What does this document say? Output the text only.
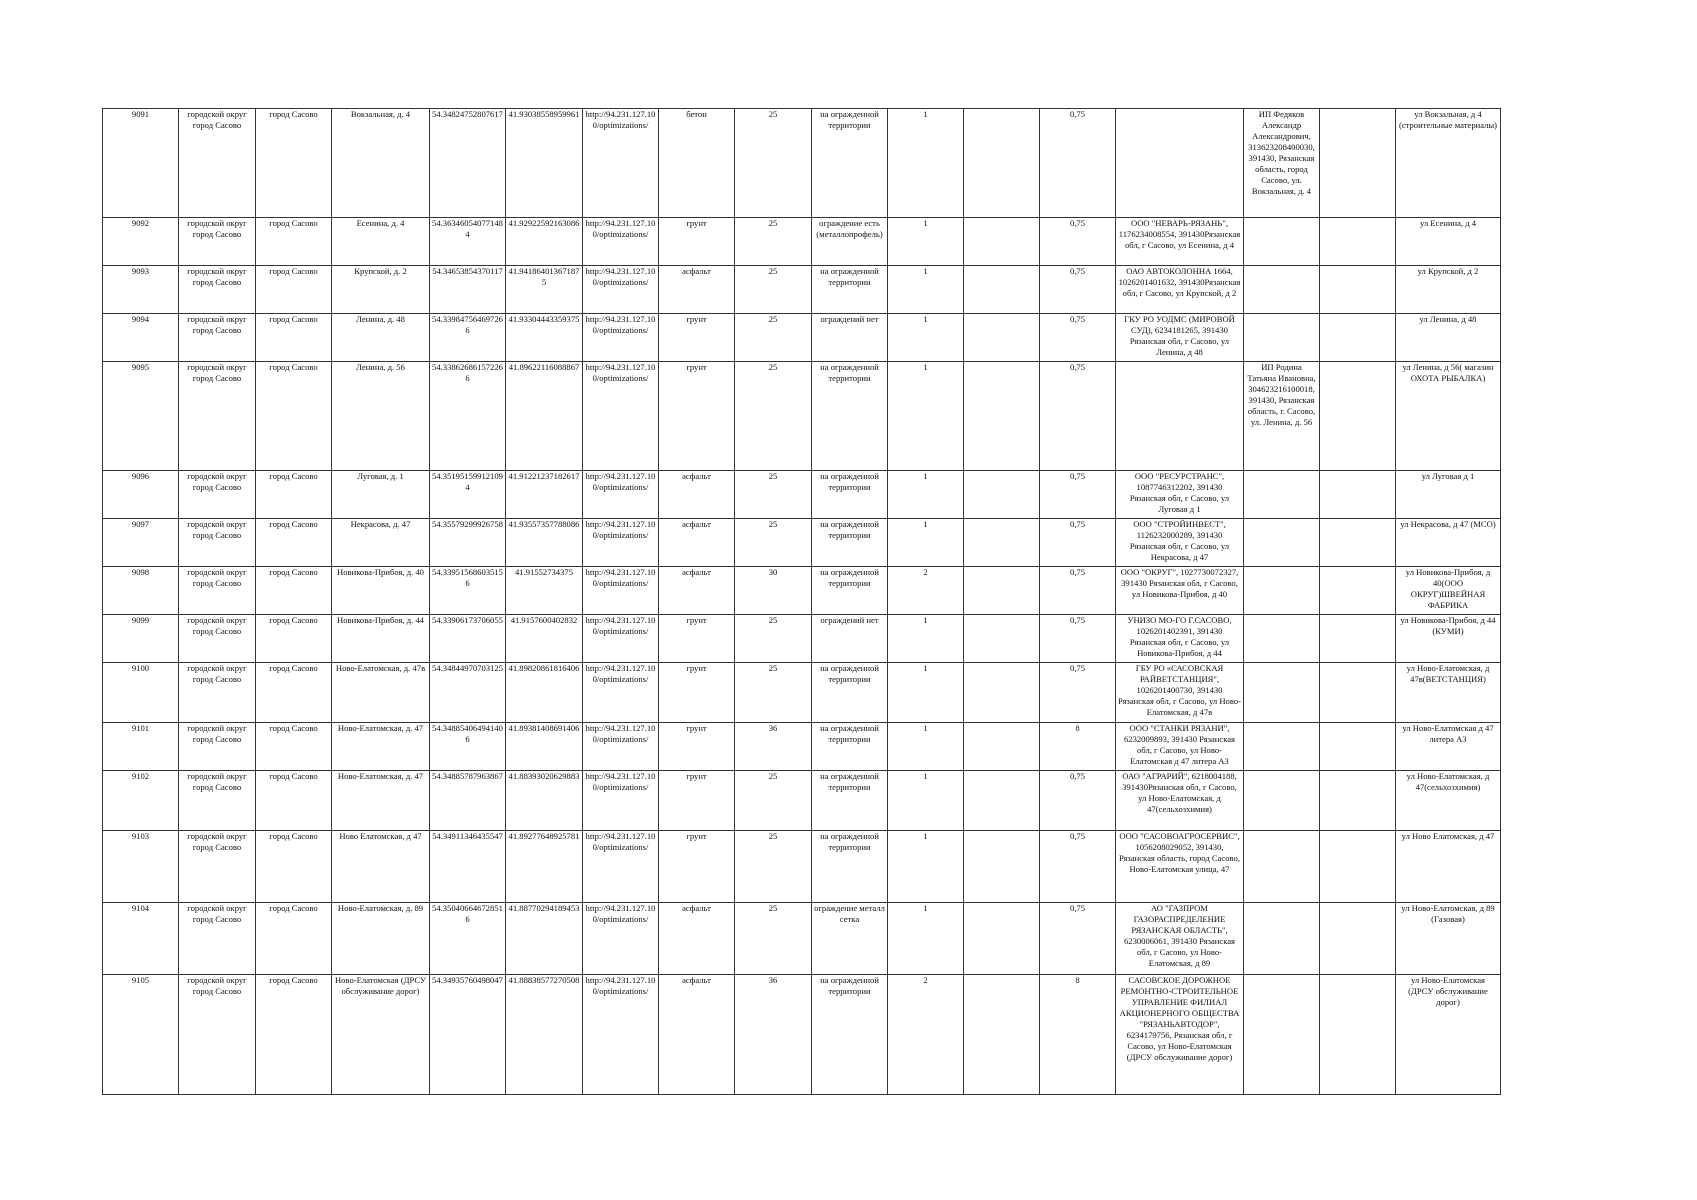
9091	городской округ город Сасово	город Сасово	Вокзальная, д. 4	54.34824752807617	41.93038558959961	http://94.231.127.100/optimizations/	бетон	25	на огражденной территории	1		0,75		ИП Федяков Александр Александрович, 313623208400030, 391430, Рязанская область, город Сасово, ул. Вокзальная, д. 4		ул Вокзальная, д 4 (строительные материалы)
9092	городской округ город Сасово	город Сасово	Есенина, д. 4	54.36346054077148 4	41.92922592163086	http://94.231.127.100/optimizations/	грунт	25	ограждение есть (металлопрофель)	1		0,75	ООО "НЕВАРЬ-РЯЗАНЬ", 1176234008554, 391430Рязанская обл, г Сасово, ул Есенина, д 4			ул Есенина, д 4
9093	городской округ город Сасово	город Сасово	Крупской, д. 2	54.34653854370117	41.94186401367187 5	http://94.231.127.100/optimizations/	асфальт	25	на огражденной территории	1		0,75	ОАО АВТОКОЛОННА 1664, 1026201401632, 391430Рязанская обл, г Сасово, ул Крупской, д 2			ул Крупской, д 2
9094	городской округ город Сасово	город Сасово	Ленина, д. 48	54.33984756469726 6	41.93304443359375	http://94.231.127.100/optimizations/	грунт	25	ограждений нет	1		0,75	ГКУ РО УОДМС (МИРОВОЙ СУД), 6234181265, 391430 Рязанская обл, г Сасово, ул Ленина, д 48			ул Ленина, д 48
9095	городской округ город Сасово	город Сасово	Ленина, д. 56	54.33862686157226 6	41.89622116088867	http://94.231.127.100/optimizations/	грунт	25	на огражденной территории	1		0,75		ИП Родина Татьяна Ивановна, 304623216100018, 391430, Рязанская область, г. Сасово, ул. Ленина, д. 56		ул Ленина, д 56( магазин ОХОТА РЫБАЛКА)
9096	городской округ город Сасово	город Сасово	Луговая, д. 1	54.35195159912109 4	41.91221237182617	http://94.231.127.100/optimizations/	асфальт	25	на огражденной территории	1		0,75	ООО "РЕСУРСТРАНС", 1087746312202, 391430 Рязанская обл, г Сасово, ул Луговая д 1			ул Луговая д 1
9097	городской округ город Сасово	город Сасово	Некрасова, д. 47	54.35579299926758	41.93557357788086	http://94.231.127.100/optimizations/	асфальт	25	на огражденной территории	1		0,75	ООО "СТРОЙИНВЕСТ", 1126232000289, 391430 Рязанская обл, г Сасово, ул Некрасова, д 47			ул Некрасова, д 47 (МСО)
9098	городской округ город Сасово	город Сасово	Новикова-Прибоя, д. 40	54.33951568603515 6	41.91552734375	http://94.231.127.100/optimizations/	асфальт	30	на огражденной территории	2		0,75	ООО "ОКРУГ", 1027730072327, 391430 Рязанская обл, г Сасово, ул Новикова-Прибоя, д 40			ул Новикова-Прибоя, д 40(ООО ОКРУГ)ШВЕЙНАЯ ФАБРИКА
9099	городской округ город Сасово	город Сасово	Новикова-Прибоя, д. 44	54.33906173706055	41.9157600402832	http://94.231.127.100/optimizations/	грунт	25	ограждений нет	1		0,75	УНИЗО МО-ГО Г.САСОВО, 1026201402391, 391430 Рязанская обл, г Сасово, ул Новикова-Прибоя, д 44			ул Новикова-Прибоя, д 44 (КУМИ)
9100	городской округ город Сасово	город Сасово	Ново-Елатомская, д. 47в	54.34844970703125	41.89820861816406	http://94.231.127.100/optimizations/	грунт	25	на огражденной территории	1		0,75	ГБУ РО «САСОВСКАЯ РАЙВЕТСТАНЦИЯ", 1026201400730, 391430 Рязанская обл, г Сасово, ул Ново-Елатомская, д 47в			ул Ново-Елатомская, д 47в(ВЕТСТАНЦИЯ)
9101	городской округ город Сасово	город Сасово	Ново-Елатомская, д. 47	54.34885406494140 6	41.89381408691406	http://94.231.127.100/optimizations/	грунт	36	на огражденной территории	1		8	ООО "СТАНКИ РЯЗАНИ", 6232009893, 391430 Рязанская обл, г Сасово, ул Ново-Елатомская д 47 литера А3			ул Ново-Елатомская д 47 литера А3
9102	городской округ город Сасово	город Сасово	Ново-Елатомская, д. 47	54.34885787963867	41.88393020629883	http://94.231.127.100/optimizations/	грунт	25	на огражденной территории	1		0,75	ОАО "АГРАРИЙ", 6218004188, 391430Рязанская обл, г Сасово, ул Ново-Елатомская, д 47(сельхозхимия)			ул Ново-Елатомская, д 47(сельхозхимия)
9103	городской округ город Сасово	город Сасово	Ново Елатомская, д 47	54.34911346435547	41.89277648925781	http://94.231.127.100/optimizations/	грунт	25	на огражденной территории	1		0,75	ООО "САСОВОАГРОСЕРВИС", 1056208029052, 391430, Рязанская область, город Сасово, Ново-Елатомская улица, 47			ул Ново Елатомская, д 47
9104	городской округ город Сасово	город Сасово	Ново-Елатомская, д. 89	54.35040664672851 6	41.88770294189453	http://94.231.127.100/optimizations/	асфальт	25	ограждение металл сетка	1		0,75	АО "ГАЗПРОМ ГАЗОРАСПРЕДЕЛЕНИЕ РЯЗАНСКАЯ ОБЛАСТЬ", 6230006061, 391430 Рязанская обл, г Сасово, ул Ново-Елатомская, д 89			ул Ново-Елатомская, д 89 (Газовая)
9105	городской округ город Сасово	город Сасово	Ново-Елатомская (ДРСУ обслуживание дорог)	54.34935760498047	41.88838577270508	http://94.231.127.100/optimizations/	асфальт	36	на огражденной территории	2		8	САСОВСКОЕ ДОРОЖНОЕ РЕМОНТНО-СТРОИТЕЛЬНОЕ УПРАВЛЕНИЕ ФИЛИАЛ АКЦИОНЕРНОГО ОБЩЕСТВА "РЯЗАНЬАВТОДОР", 6234179756, Рязанская обл, г Сасово, ул Ново-Елатомская (ДРСУ обслуживание дорог)			ул Ново-Елатомская (ДРСУ обслуживание дорог)
